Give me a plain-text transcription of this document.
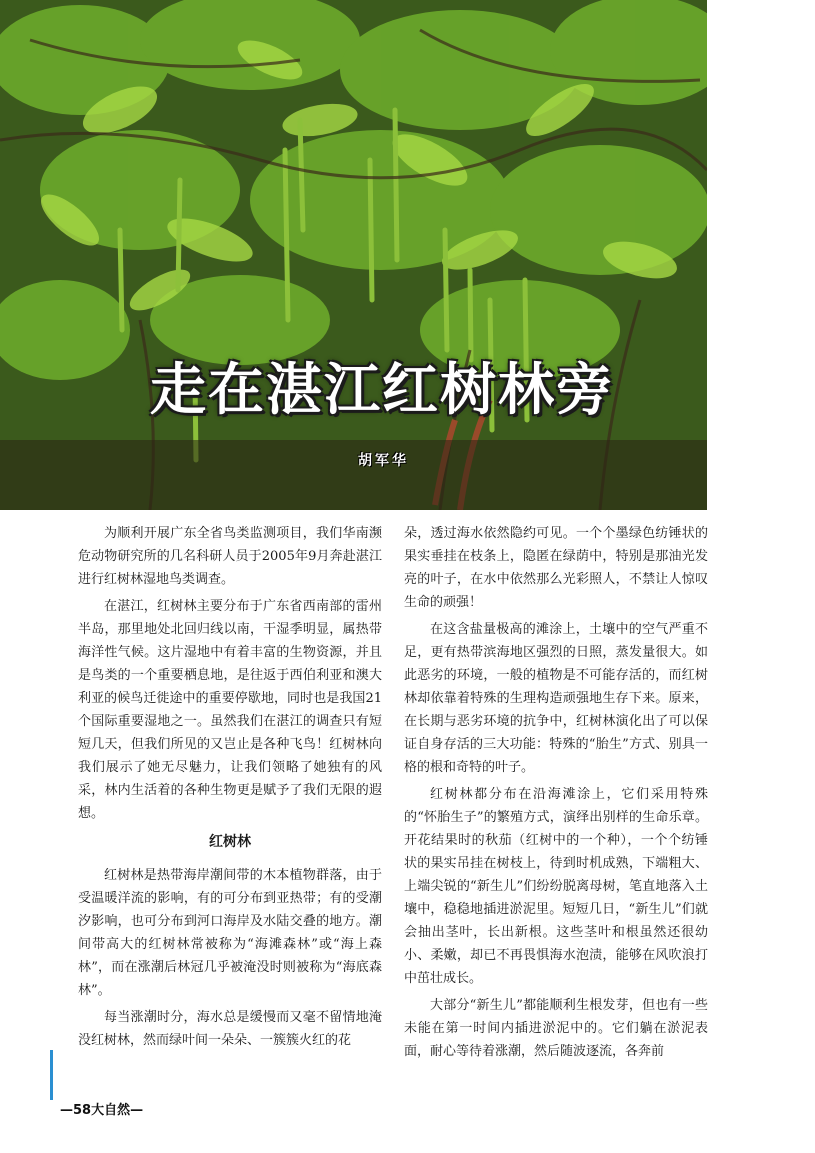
走在湛江红树林旁
胡军华

为顺利开展广东全省鸟类监测项目，我们华南濒危动物研究所的几名科研人员于2005年9月奔赴湛江进行红树林湿地鸟类调查。

在湛江，红树林主要分布于广东省西南部的雷州半岛，那里地处北回归线以南，干湿季明显，属热带海洋性气候。这片湿地中有着丰富的生物资源，并且是鸟类的一个重要栖息地，是往返于西伯利亚和澳大利亚的候鸟迁徙途中的重要停歇地，同时也是我国21个国际重要湿地之一。虽然我们在湛江的调查只有短短几天，但我们所见的又岂止是各种飞鸟！红树林向我们展示了她无尽魅力，让我们领略了她独有的风采，林内生活着的各种生物更是赋予了我们无限的遐想。

红树林

红树林是热带海岸潮间带的木本植物群落，由于受温暖洋流的影响，有的可分布到亚热带；有的受潮汐影响，也可分布到河口海岸及水陆交叠的地方。潮间带高大的红树林常被称为“海滩森林”或“海上森林”，而在涨潮后林冠几乎被淹没时则被称为“海底森林”。

每当涨潮时分，海水总是缓慢而又毫不留情地淹没红树林，然而绿叶间一朵朵、一簇簇火红的花

朵，透过海水依然隐约可见。一个个墨绿色纺锤状的果实垂挂在枝条上，隐匿在绿荫中，特别是那油光发亮的叶子，在水中依然那么光彩照人，不禁让人惊叹生命的顽强！

在这含盐量极高的滩涂上，土壤中的空气严重不足，更有热带滨海地区强烈的日照，蒸发量很大。如此恶劣的环境，一般的植物是不可能存活的，而红树林却依靠着特殊的生理构造顽强地生存下来。原来，在长期与恶劣环境的抗争中，红树林演化出了可以保证自身存活的三大功能：特殊的“胎生”方式、别具一格的根和奇特的叶子。

红树林都分布在沿海滩涂上，它们采用特殊的“怀胎生子”的繁殖方式，演绎出别样的生命乐章。开花结果时的秋茄（红树中的一个种），一个个纺锤状的果实吊挂在树枝上，待到时机成熟，下端粗大、上端尖锐的“新生儿”们纷纷脱离母树，笔直地落入土壤中，稳稳地插进淤泥里。短短几日，“新生儿”们就会抽出茎叶，长出新根。这些茎叶和根虽然还很幼小、柔嫩，却已不再畏惧海水泡渍，能够在风吹浪打中茁壮成长。

大部分“新生儿”都能顺利生根发芽，但也有一些未能在第一时间内插进淤泥中的。它们躺在淤泥表面，耐心等待着涨潮，然后随波逐流，各奔前

—58大自然—
